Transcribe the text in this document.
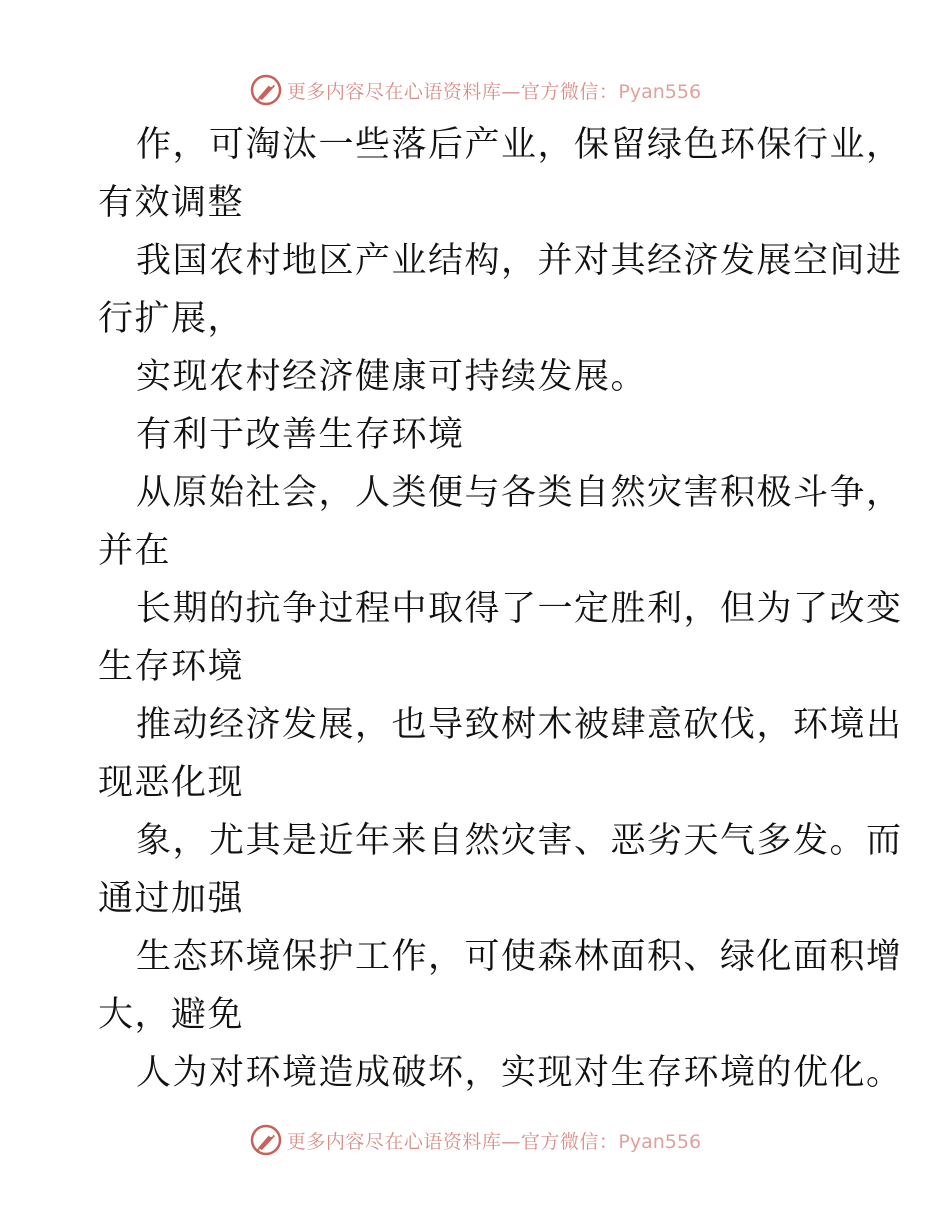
更多内容尽在心语资料库—官方微信：Pyan556
作，可淘汰一些落后产业，保留绿色环保行业，
有效调整
我国农村地区产业结构，并对其经济发展空间进
行扩展，
实现农村经济健康可持续发展。
有利于改善生存环境
从原始社会，人类便与各类自然灾害积极斗争，
并在
长期的抗争过程中取得了一定胜利，但为了改变
生存环境
推动经济发展，也导致树木被肆意砍伐，环境出
现恶化现
象，尤其是近年来自然灾害、恶劣天气多发。而
通过加强
生态环境保护工作，可使森林面积、绿化面积增
大，避免
人为对环境造成破坏，实现对生存环境的优化。
更多内容尽在心语资料库—官方微信：Pyan556
